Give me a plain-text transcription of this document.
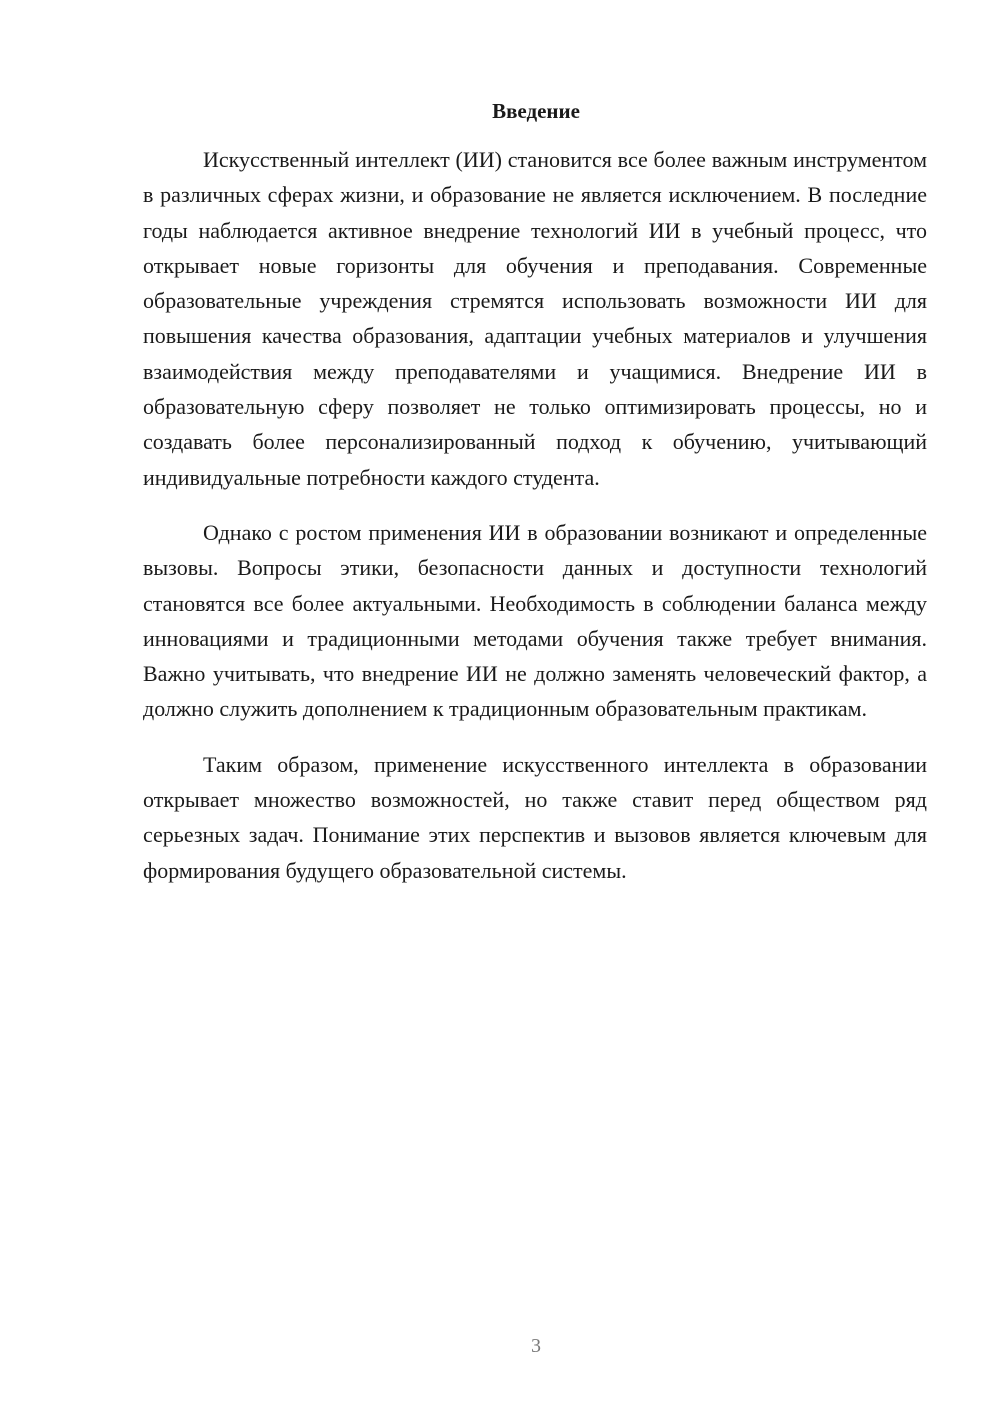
Введение

Искусственный интеллект (ИИ) становится все более важным инструментом в различных сферах жизни, и образование не является исключением. В последние годы наблюдается активное внедрение технологий ИИ в учебный процесс, что открывает новые горизонты для обучения и преподавания. Современные образовательные учреждения стремятся использовать возможности ИИ для повышения качества образования, адаптации учебных материалов и улучшения взаимодействия между преподавателями и учащимися. Внедрение ИИ в образовательную сферу позволяет не только оптимизировать процессы, но и создавать более персонализированный подход к обучению, учитывающий индивидуальные потребности каждого студента.

Однако с ростом применения ИИ в образовании возникают и определенные вызовы. Вопросы этики, безопасности данных и доступности технологий становятся все более актуальными. Необходимость в соблюдении баланса между инновациями и традиционными методами обучения также требует внимания. Важно учитывать, что внедрение ИИ не должно заменять человеческий фактор, а должно служить дополнением к традиционным образовательным практикам.

Таким образом, применение искусственного интеллекта в образовании открывает множество возможностей, но также ставит перед обществом ряд серьезных задач. Понимание этих перспектив и вызовов является ключевым для формирования будущего образовательной системы.

3
